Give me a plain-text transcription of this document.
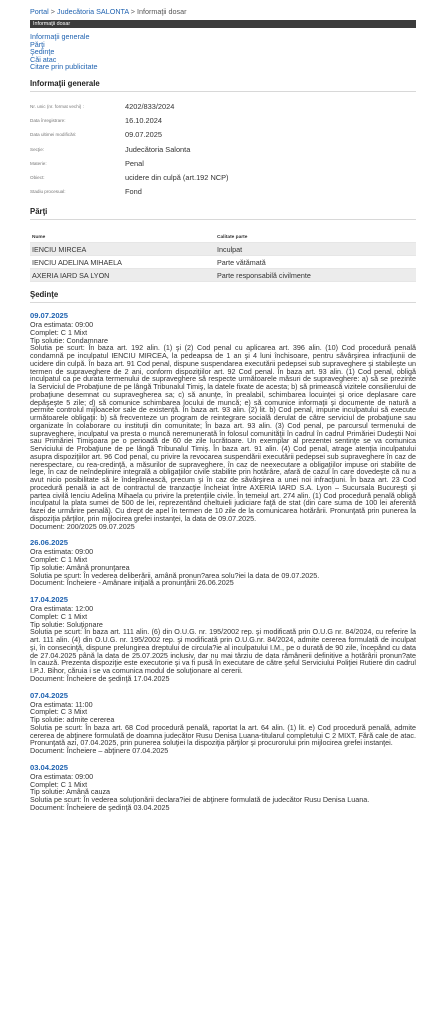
Portal > Judecătoria SALONTA > Informaţii dosar
Informaţii dosar
Informaţii generale
Părţi
Şedinţe
Căi atac
Citare prin publicitate
Informaţii generale
Nr. unic (nr. format vechi) :	4202/833/2024
Data înregistrare:	16.10.2024
Data ultimei modificări:	09.07.2025
Secţie:	Judecătoria Salonta
Materie:	Penal
Obiect:	ucidere din culpă (art.192 NCP)
Stadiu procesual:	Fond
Părţi
Nume	Calitate parte
IENCIU MIRCEA	Inculpat
IENCIU ADELINA MIHAELA	Parte vătămată
AXERIA IARD SA LYON	Parte responsabilă civilmente
Şedinţe
09.07.2025
Ora estimata: 09:00
Complet: C 1 Mixt
Tip solutie: Condamnare
Solutia pe scurt: În baza art. 192 alin. (1) şi (2) Cod penal cu aplicarea art. 396 alin. (10) Cod procedură penală condamnă pe inculpatul IENCIU MIRCEA, la pedeapsa de 1 an şi 4 luni închisoare, pentru săvârşirea infracţiunii de ucidere din culpă. În baza art. 91 Cod penal, dispune suspendarea executării pedepsei sub supraveghere şi stabileşte un termen de supraveghere de 2 ani, conform dispoziţiilor art. 92 Cod penal. În baza art. 93 alin. (1) Cod penal, obligă inculpatul ca pe durata termenului de supraveghere să respecte următoarele măsuri de supraveghere: a) să se prezinte la Serviciul de Probaţiune de pe lângă Tribunalul Timiş, la datele fixate de acesta; b) să primească vizitele consilierului de probaţiune desemnat cu supravegherea sa; c) să anunţe, în prealabil, schimbarea locuinţei şi orice deplasare care depăşeşte 5 zile; d) să comunice schimbarea locului de muncă; e) să comunice informaţii şi documente de natură a permite controlul mijloacelor sale de existenţă. În baza art. 93 alin. (2) lit. b) Cod penal, impune inculpatului să execute următoarele obligaţii: b) să frecventeze un program de reintegrare socială derulat de către serviciul de probaţiune sau organizate în colaborare cu instituţii din comunitate; În baza art. 93 alin. (3) Cod penal, pe parcursul termenului de supraveghere, inculpatul va presta o muncă neremunerată în folosul comunităţii în cadrul în cadrul Primăriei Dudeştii Noi sau Primăriei Timişoara pe o perioadă de 60 de zile lucrătoare. Un exemplar al prezentei sentinţe se va comunica Serviciului de Probaţiune de pe lângă Tribunalul Timiş. În baza art. 91 alin. (4) Cod penal, atrage atenţia inculpatului asupra dispoziţiilor art. 96 Cod penal, cu privire la revocarea suspendării executării pedepsei sub supraveghere în caz de nerespectare, cu rea-credinţă, a măsurilor de supraveghere, în caz de neexecutare a obligaţiilor impuse ori stabilite de lege, în caz de neîndeplinire integrală a obligaţiilor civile stabilite prin hotărâre, afară de cazul în care dovedeşte că nu a avut nicio posibilitate să le îndeplinească, precum şi în caz de săvârşirea a unei noi infracţiuni. În baza art. 23 Cod procedură penală ia act de contractul de tranzacţie încheiat între AXERIA IARD S.A. Lyon – Sucursala Bucureşti şi partea civilă Ienciu Adelina Mihaela cu privire la pretenţiile civile. În temeiul art. 274 alin. (1) Cod procedură penală obligă inculpatul la plata sumei de 500 de lei, reprezentând cheltuieli judiciare faţă de stat (din care suma de 100 lei aferentă fazei de urmărire penală). Cu drept de apel în termen de 10 zile de la comunicarea hotărârii. Pronunţată prin punerea la dispoziţia părţilor, prin mijlocirea grefei instanţei, la data de 09.07.2025.
Document: 200/2025 09.07.2025
26.06.2025
Ora estimata: 09:00
Complet: C 1 Mixt
Tip solutie: Amână pronunţarea
Solutia pe scurt: În vederea deliberării, amână pronun?area solu?iei la data de 09.07.2025.
Document: Încheiere - Amânare iniţială a pronunţării 26.06.2025
17.04.2025
Ora estimata: 12:00
Complet: C 1 Mixt
Tip solutie: Soluţionare
Solutia pe scurt: În baza art. 111 alin. (6) din O.U.G. nr. 195/2002 rep. şi modificată prin O.U.G nr. 84/2024, cu referire la art. 111 alin. (4) din O.U.G. nr. 195/2002 rep. şi modificată prin O.U.G.nr. 84/2024, admite cererea formulată de inculpat şi, în consecinţă, dispune prelungirea dreptului de circula?ie al inculpatului I.M., pe o durată de 90 zile, începând cu data de 27.04.2025 până la data de 25.07.2025 inclusiv, dar nu mai târziu de data rămânerii definitive a hotărârii pronun?ate în cauză. Prezenta dispoziţie este executorie şi va fi pusă în executare de către şeful Serviciului Poliţiei Rutiere din cadrul I.P.J. Bihor, căruia i se va comunica modul de soluţionare al cererii.
Document: Încheiere de şedinţă 17.04.2025
07.04.2025
Ora estimata: 11:00
Complet: C 3 Mixt
Tip solutie: admite cererea
Solutia pe scurt: În baza art. 68 Cod procedură penală, raportat la art. 64 alin. (1) lit. e) Cod procedură penală, admite cererea de abţinere formulată de doamna judecător Rusu Denisa Luana-titularul completului C 2 MIXT. Fără cale de atac. Pronunţată azi, 07.04.2025, prin punerea soluţiei la dispoziţia părţilor şi procurorului prin mijlocirea grefei instanţei.
Document: Încheiere – abţinere 07.04.2025
03.04.2025
Ora estimata: 09:00
Complet: C 1 Mixt
Tip solutie: Amână cauza
Solutia pe scurt: În vederea soluţionării declara?iei de abţinere formulată de judecător Rusu Denisa Luana.
Document: Încheiere de şedinţă 03.04.2025
